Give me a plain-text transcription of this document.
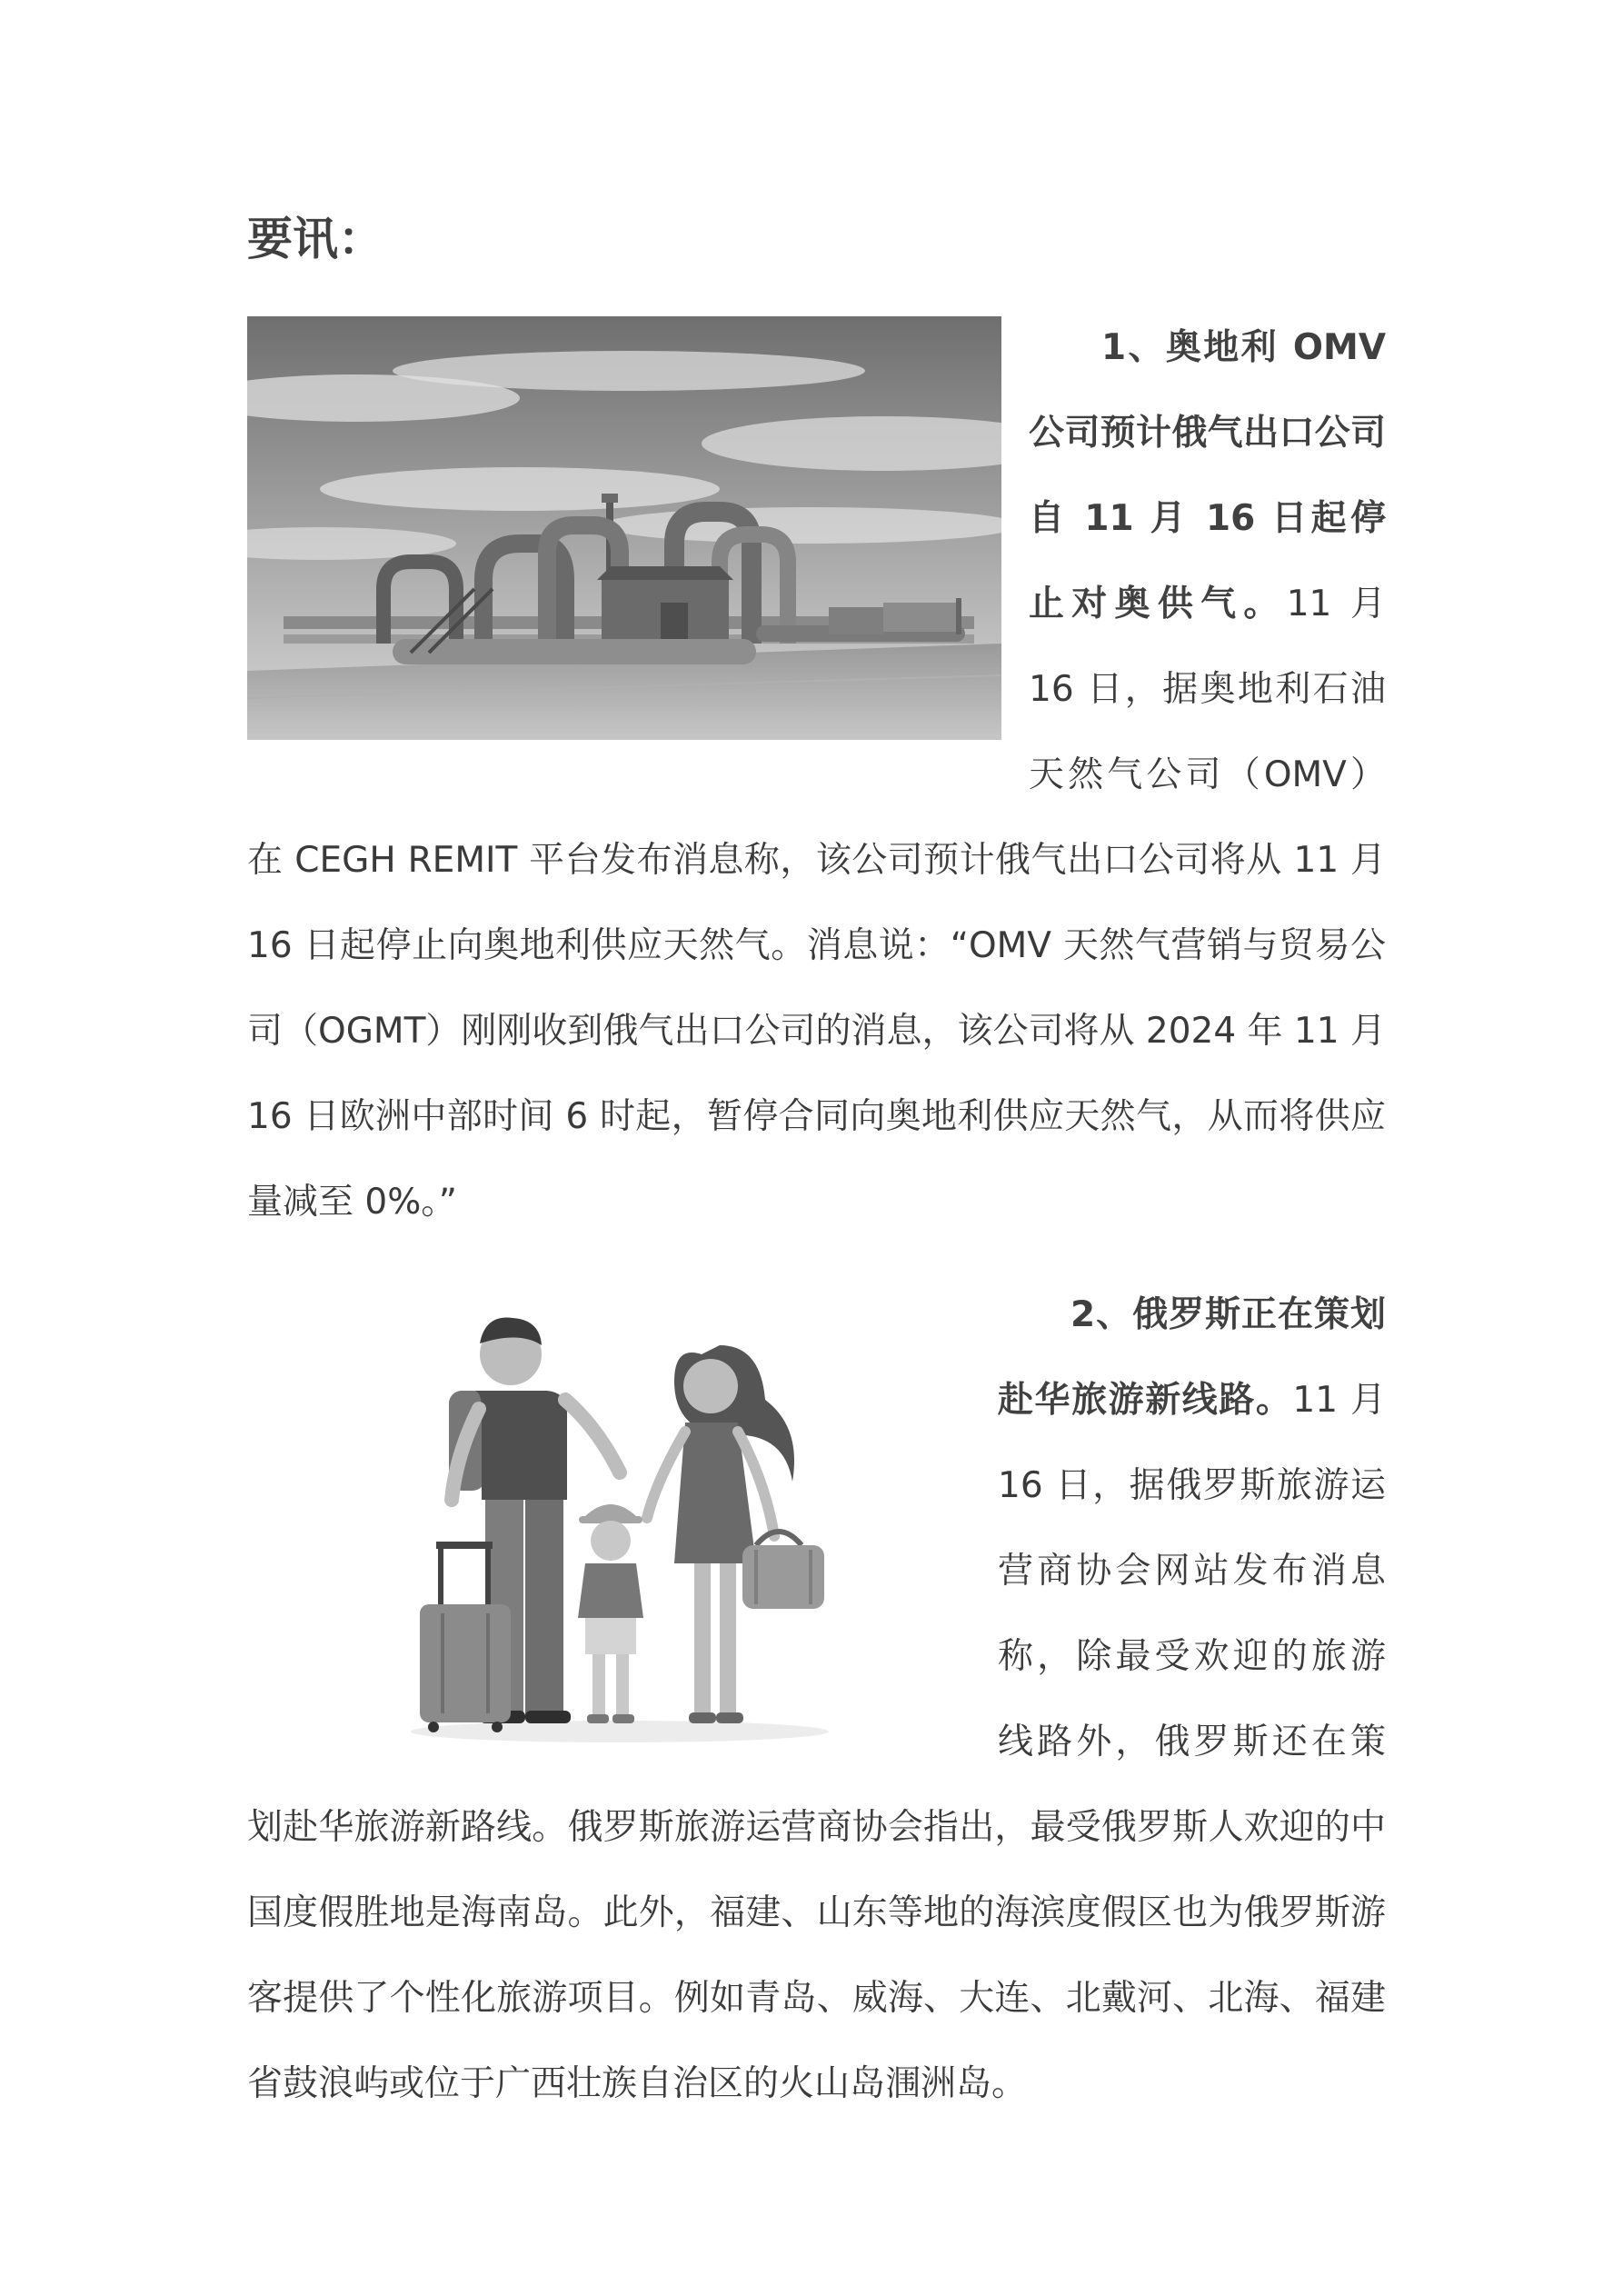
要讯：
1、奥地利 OMV 公司预计俄气出口公司自 11 月 16 日起停止对奥供气。11 月 16 日，据奥地利石油天然气公司（OMV）在 CEGH REMIT 平台发布消息称，该公司预计俄气出口公司将从 11 月 16 日起停止向奥地利供应天然气。消息说：“OMV 天然气营销与贸易公司（OGMT）刚刚收到俄气出口公司的消息，该公司将从 2024 年 11 月 16 日欧洲中部时间 6 时起，暂停合同向奥地利供应天然气，从而将供应量减至 0%。”
2、俄罗斯正在策划赴华旅游新线路。11 月 16 日，据俄罗斯旅游运营商协会网站发布消息称，除最受欢迎的旅游线路外，俄罗斯还在策划赴华旅游新路线。俄罗斯旅游运营商协会指出，最受俄罗斯人欢迎的中国度假胜地是海南岛。此外，福建、山东等地的海滨度假区也为俄罗斯游客提供了个性化旅游项目。例如青岛、威海、大连、北戴河、北海、福建省鼓浪屿或位于广西壮族自治区的火山岛涠洲岛。
